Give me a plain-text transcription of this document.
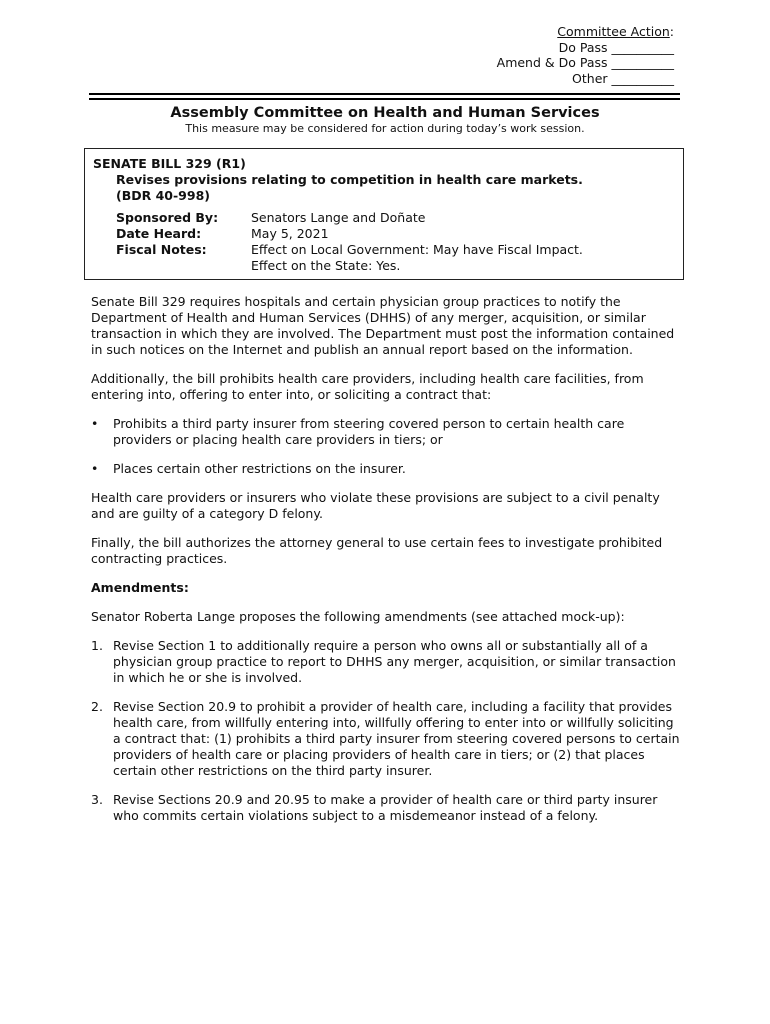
Committee Action:
Do Pass __________
Amend & Do Pass __________
Other __________
Assembly Committee on Health and Human Services
This measure may be considered for action during today’s work session.
SENATE BILL 329 (R1)
Revises provisions relating to competition in health care markets.
(BDR 40-998)
Sponsored By:	Senators Lange and Doñate
Date Heard:	May 5, 2021
Fiscal Notes:	Effect on Local Government: May have Fiscal Impact.
Effect on the State: Yes.

Senate Bill 329 requires hospitals and certain physician group practices to notify the Department of Health and Human Services (DHHS) of any merger, acquisition, or similar transaction in which they are involved. The Department must post the information contained in such notices on the Internet and publish an annual report based on the information.

Additionally, the bill prohibits health care providers, including health care facilities, from entering into, offering to enter into, or soliciting a contract that:

•	Prohibits a third party insurer from steering covered person to certain health care providers or placing health care providers in tiers; or
•	Places certain other restrictions on the insurer.

Health care providers or insurers who violate these provisions are subject to a civil penalty and are guilty of a category D felony.

Finally, the bill authorizes the attorney general to use certain fees to investigate prohibited contracting practices.

Amendments:

Senator Roberta Lange proposes the following amendments (see attached mock-up):

1. Revise Section 1 to additionally require a person who owns all or substantially all of a physician group practice to report to DHHS any merger, acquisition, or similar transaction in which he or she is involved.
2. Revise Section 20.9 to prohibit a provider of health care, including a facility that provides health care, from willfully entering into, willfully offering to enter into or willfully soliciting a contract that: (1) prohibits a third party insurer from steering covered persons to certain providers of health care or placing providers of health care in tiers; or (2) that places certain other restrictions on the third party insurer.
3. Revise Sections 20.9 and 20.95 to make a provider of health care or third party insurer who commits certain violations subject to a misdemeanor instead of a felony.
